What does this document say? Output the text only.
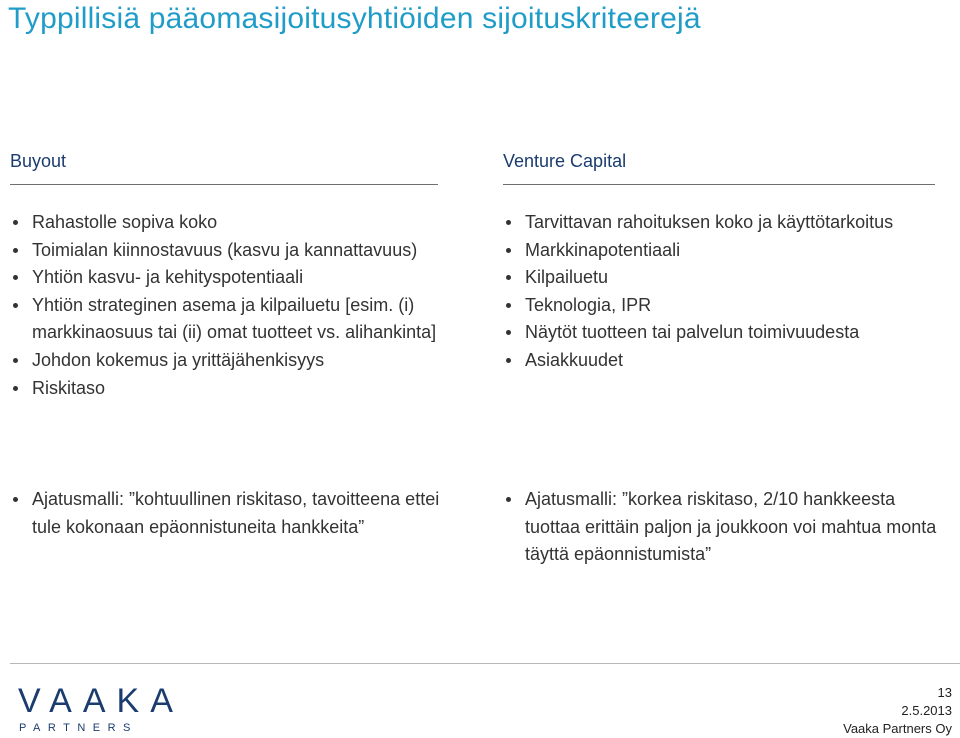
Typpillisiä pääomasijoitusyhtiöiden sijoituskriteerejä
Buyout
Rahastolle sopiva koko
Toimialan kiinnostavuus (kasvu ja kannattavuus)
Yhtiön kasvu- ja kehityspotentiaali
Yhtiön strateginen asema ja kilpailuetu [esim. (i) markkinaosuus tai (ii) omat tuotteet vs. alihankinta]
Johdon kokemus ja yrittäjähenkisyys
Riskitaso
Ajatusmalli: ”kohtuullinen riskitaso, tavoitteena ettei tule kokonaan epäonnistuneita hankkeita”
Venture Capital
Tarvittavan rahoituksen koko ja käyttötarkoitus
Markkinapotentiaali
Kilpailuetu
Teknologia, IPR
Näytöt tuotteen tai palvelun toimivuudesta
Asiakkuudet
Ajatusmalli: ”korkea riskitaso, 2/10 hankkeesta tuottaa erittäin paljon ja joukkoon voi mahtua monta täyttä epäonnistumista”
VAAKA
PARTNERS
13
2.5.2013
Vaaka Partners Oy
